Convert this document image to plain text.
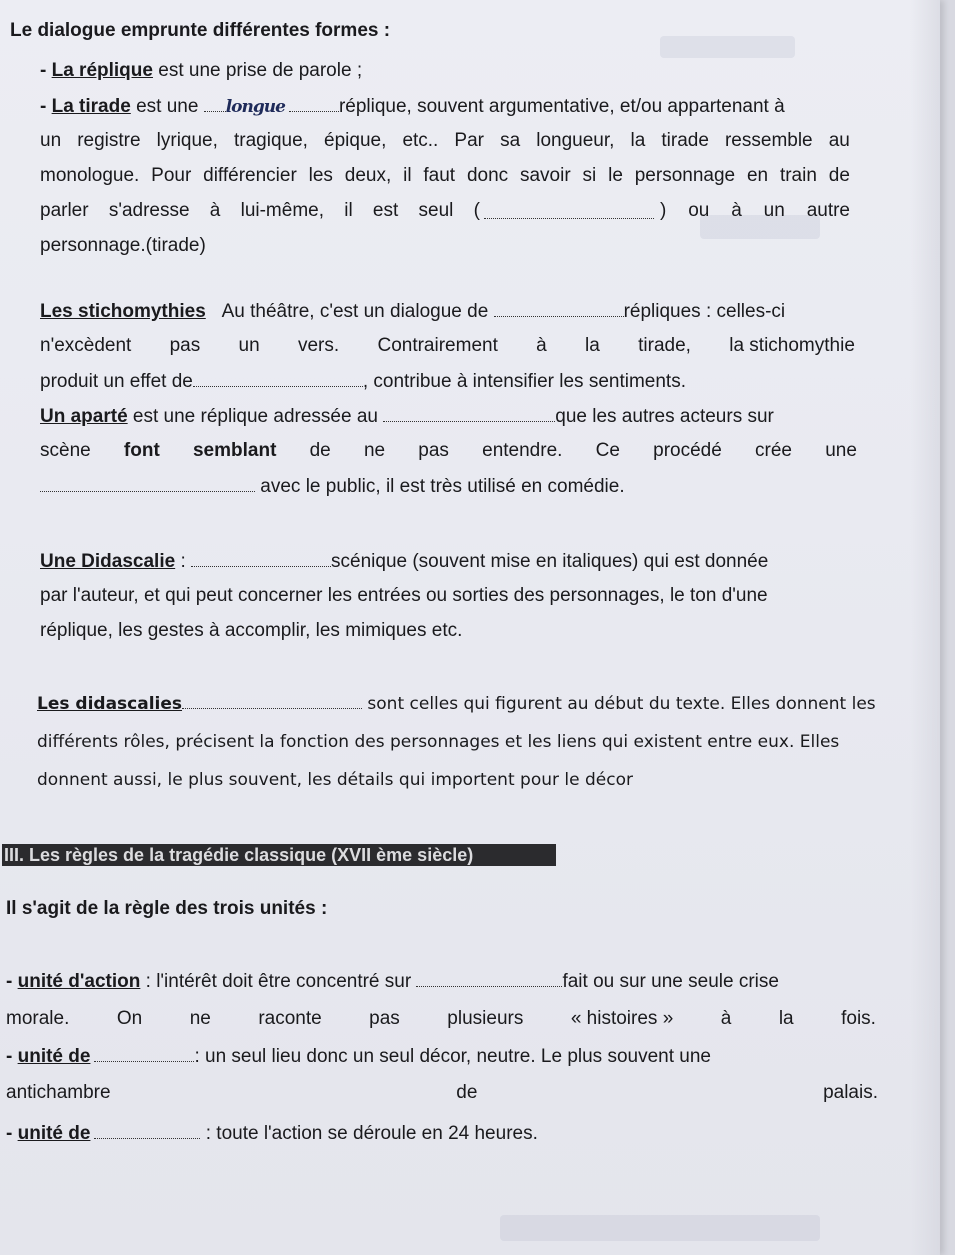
Le dialogue emprunte différentes formes :
- La réplique est une prise de parole ;
- La tirade est une longue	réplique, souvent argumentative, et/ou appartenant à
un registre lyrique, tragique, épique, etc.. Par sa longueur, la tirade ressemble au
monologue. Pour différencier les deux, il faut donc savoir si le personnage en train de
parler s'adresse à lui-même, il est seul (	) ou à un autre
personnage.(tirade)
Les stichomythies Au théâtre, c'est un dialogue de	répliques : celles-ci
n'excèdent pas un vers. Contrairement à la tirade, la stichomythie
produit un effet de	, contribue à intensifier les sentiments.
Un aparté est une réplique adressée au	que les autres acteurs sur
scène font semblant de ne pas entendre. Ce procédé crée une
avec le public, il est très utilisé en comédie.
Une Didascalie :	scénique (souvent mise en italiques) qui est donnée
par l'auteur, et qui peut concerner les entrées ou sorties des personnages, le ton d'une
réplique, les gestes à accomplir, les mimiques etc.
Les didascalies	sont celles qui figurent au début du texte. Elles donnent les
différents rôles, précisent la fonction des personnages et les liens qui existent entre eux. Elles
donnent aussi, le plus souvent, les détails qui importent pour le décor
III. Les règles de la tragédie classique (XVII ème siècle)
Il s'agit de la règle des trois unités :
- unité d'action : l'intérêt doit être concentré sur	fait ou sur une seule crise
morale. On ne raconte pas plusieurs « histoires » à la fois.
- unité de	: un seul lieu donc un seul décor, neutre. Le plus souvent une
antichambre	de	palais.
- unité de	: toute l'action se déroule en 24 heures.
